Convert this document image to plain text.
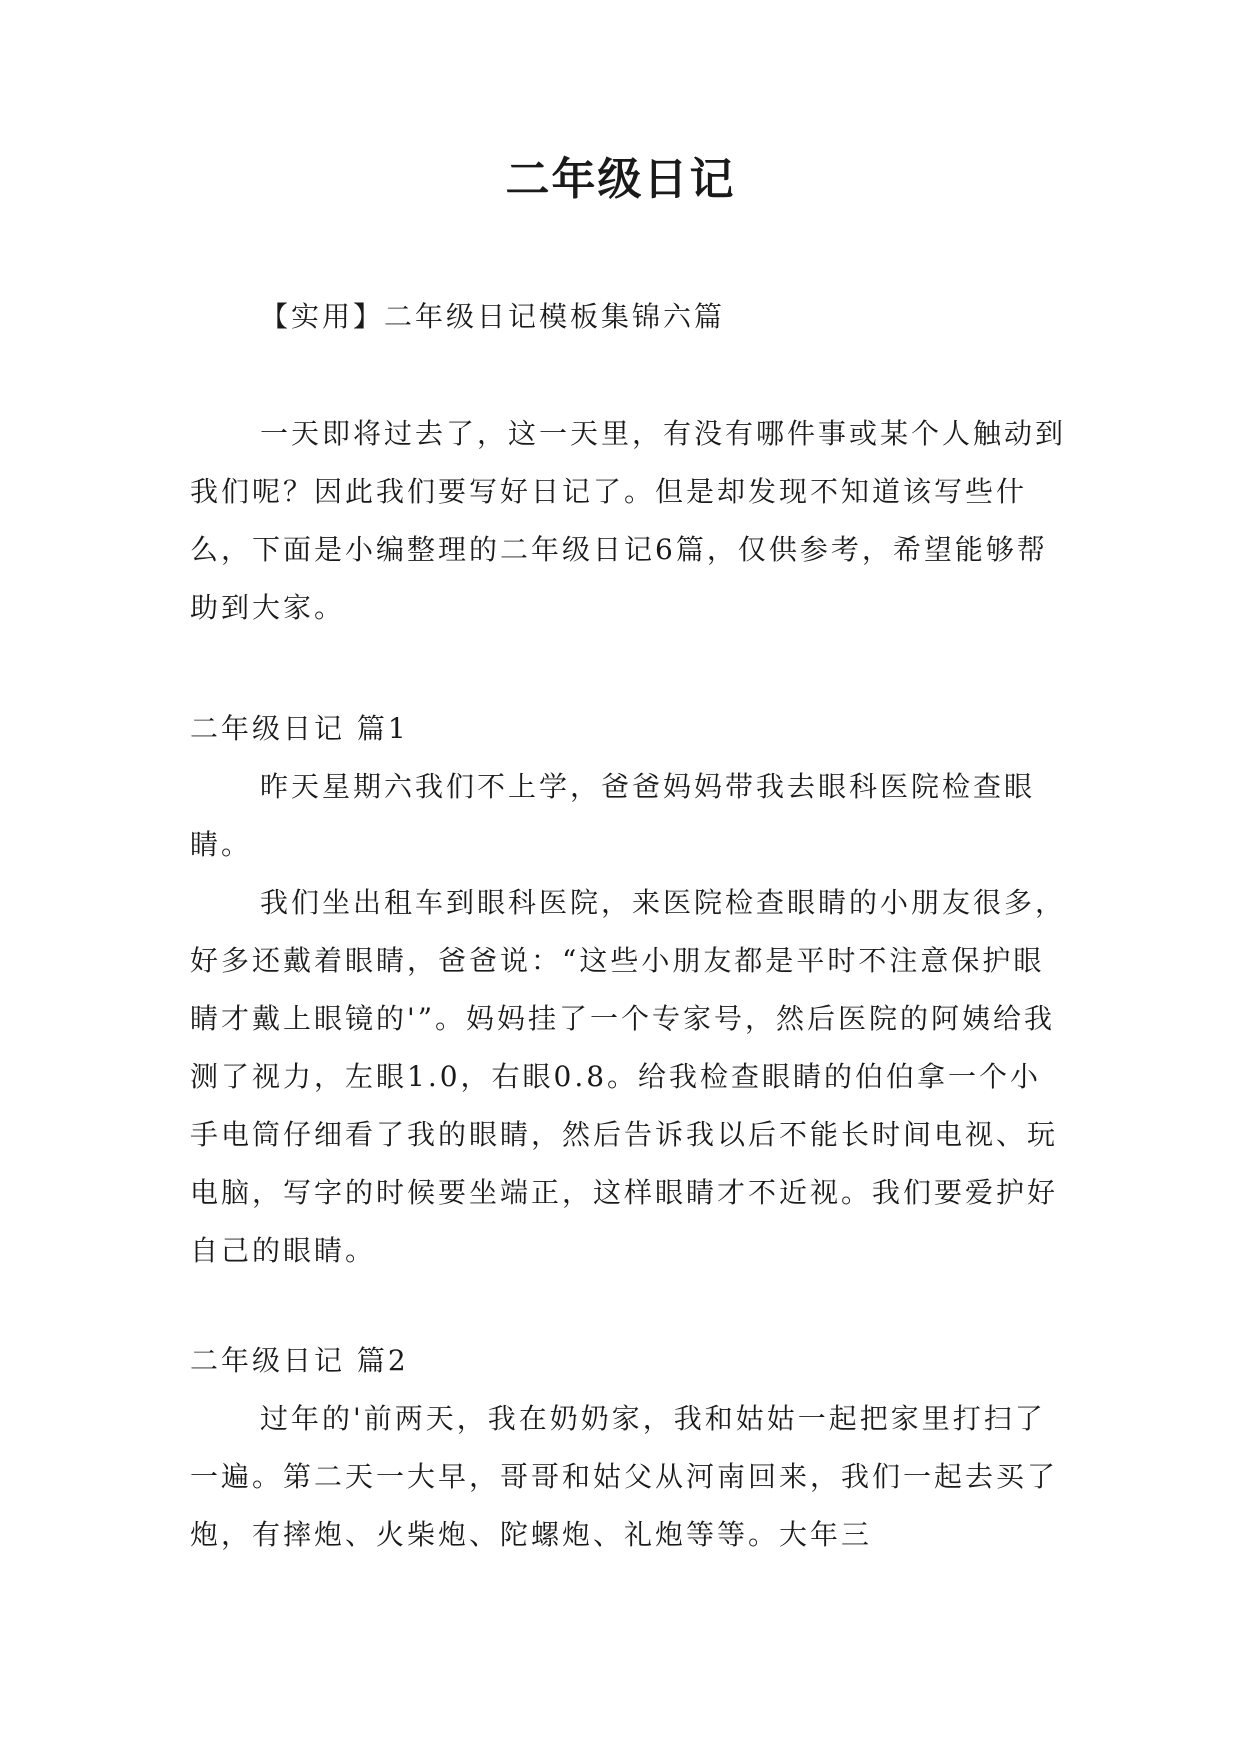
二年级日记

【实用】二年级日记模板集锦六篇

一天即将过去了，这一天里，有没有哪件事或某个人触动到我们呢？因此我们要写好日记了。但是却发现不知道该写些什么，下面是小编整理的二年级日记6篇，仅供参考，希望能够帮助到大家。

二年级日记 篇1

昨天星期六我们不上学，爸爸妈妈带我去眼科医院检查眼睛。

我们坐出租车到眼科医院，来医院检查眼睛的小朋友很多，好多还戴着眼睛，爸爸说：“这些小朋友都是平时不注意保护眼睛才戴上眼镜的'”。妈妈挂了一个专家号，然后医院的阿姨给我测了视力，左眼1.0，右眼0.8。给我检查眼睛的伯伯拿一个小手电筒仔细看了我的眼睛，然后告诉我以后不能长时间电视、玩电脑，写字的时候要坐端正，这样眼睛才不近视。我们要爱护好自己的眼睛。

二年级日记 篇2

过年的'前两天，我在奶奶家，我和姑姑一起把家里打扫了一遍。第二天一大早，哥哥和姑父从河南回来，我们一起去买了炮，有摔炮、火柴炮、陀螺炮、礼炮等等。大年三
